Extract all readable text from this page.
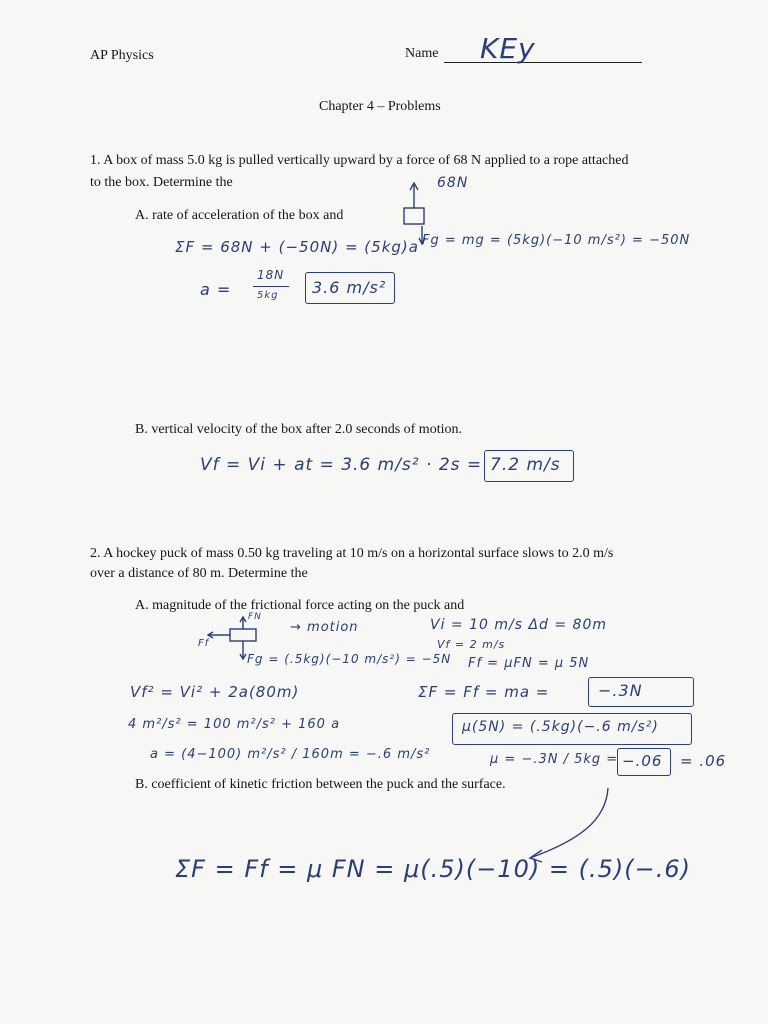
AP Physics	Name KEy
Chapter 4 – Problems
1. A box of mass 5.0 kg is pulled vertically upward by a force of 68 N applied to a rope attached
to the box. Determine the	68N
A. rate of acceleration of the box and
ΣF = 68N + (−50N) = (5kg)a Fg = mg = (5kg)(−10 m/s²) = −50N
a =
18N
5kg 3.6 m/s²
B. vertical velocity of the box after 2.0 seconds of motion.
Vf = Vi + at = 3.6 m/s² · 2s = 7.2 m/s
2. A hockey puck of mass 0.50 kg traveling at 10 m/s on a horizontal surface slows to 2.0 m/s
over a distance of 80 m. Determine the
A. magnitude of the frictional force acting on the puck and
FN
Ff
→ motion
Fg = (.5kg)(−10 m/s²) = −5N
Vi = 10 m/s Δd = 80m
Vf = 2 m/s
Ff = μFN = μ 5N
Vf² = Vi² + 2a(80m)	ΣF = Ff = ma =	−.3N
4 m²/s² = 100 m²/s² + 160 a	μ(5N) = (.5kg)(−.6 m/s²)
a = (4−100) m²/s² / 160m = −.6 m/s²	μ = −.3N / 5kg = −.06 = .06
B. coefficient of kinetic friction between the puck and the surface.
ΣF = Ff = μ FN = μ(.5)(−10) = (.5)(−.6)
